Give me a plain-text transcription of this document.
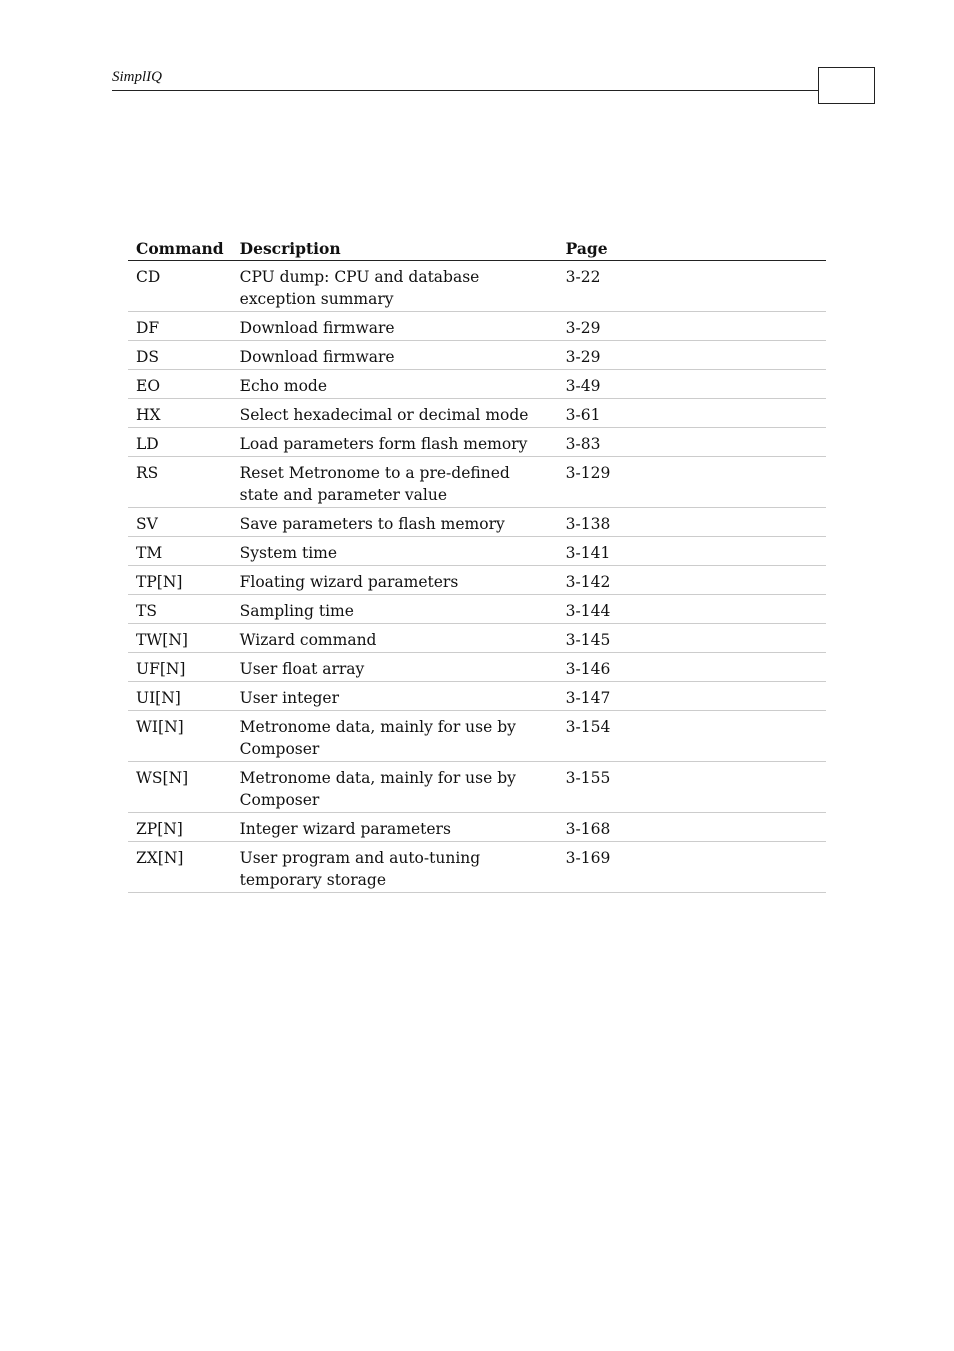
SimplIQ
Command	Description	Page
CD	CPU dump: CPU and database exception summary	3-22
DF	Download firmware	3-29
DS	Download firmware	3-29
EO	Echo mode	3-49
HX	Select hexadecimal or decimal mode	3-61
LD	Load parameters form flash memory	3-83
RS	Reset Metronome to a pre-defined state and parameter value	3-129
SV	Save parameters to flash memory	3-138
TM	System time	3-141
TP[N]	Floating wizard parameters	3-142
TS	Sampling time	3-144
TW[N]	Wizard command	3-145
UF[N]	User float array	3-146
UI[N]	User integer	3-147
WI[N]	Metronome data, mainly for use by Composer	3-154
WS[N]	Metronome data, mainly for use by Composer	3-155
ZP[N]	Integer wizard parameters	3-168
ZX[N]	User program and auto-tuning temporary storage	3-169
